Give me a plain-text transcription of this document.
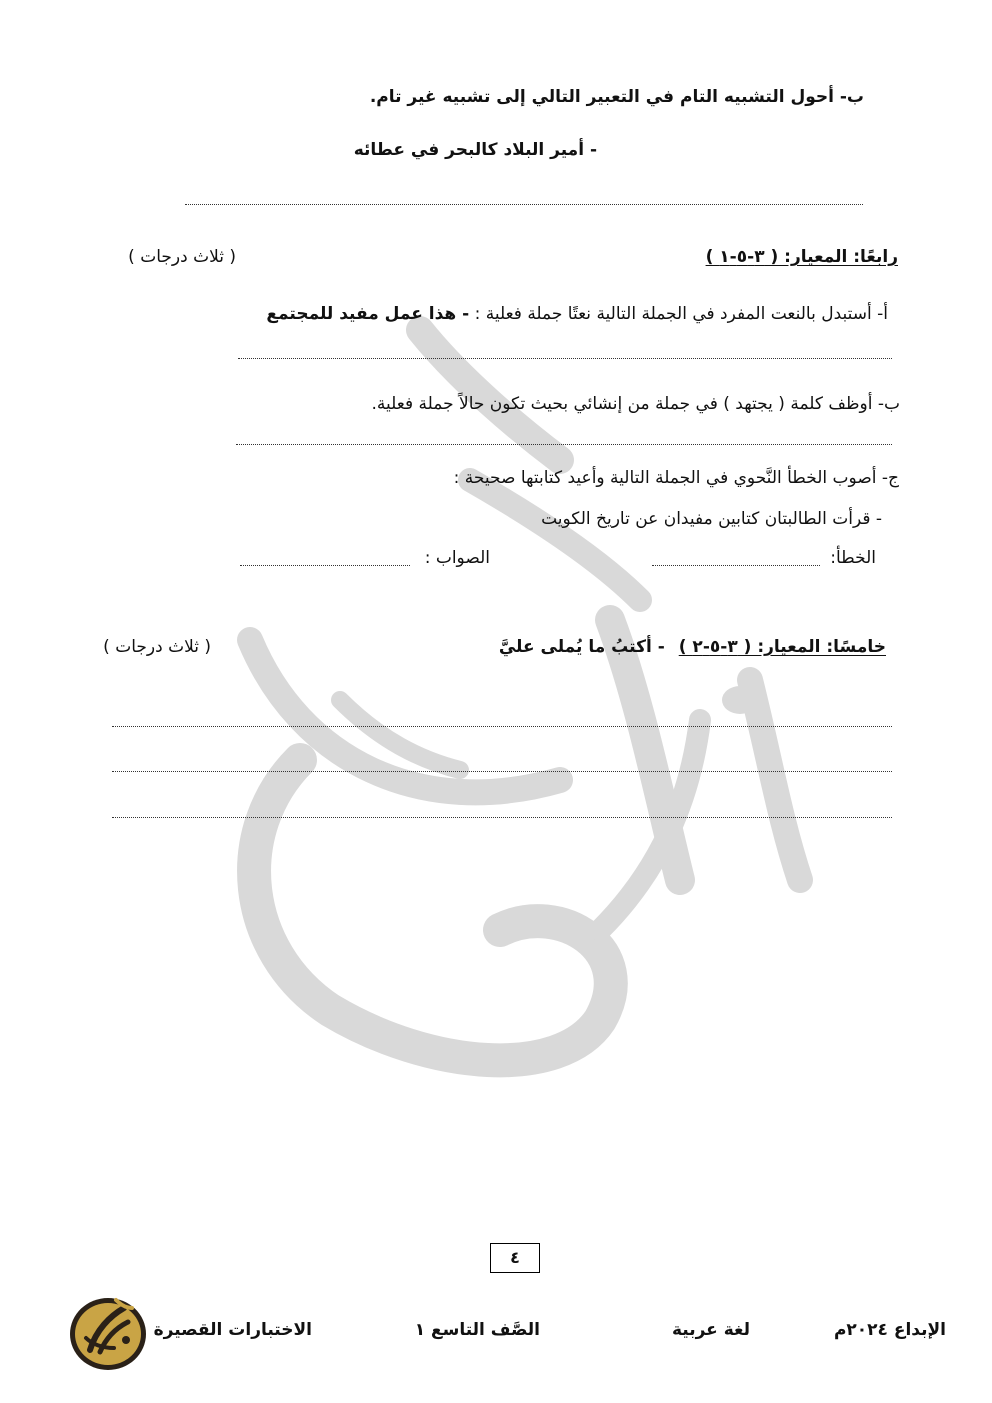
ب- أحول التشبيه التام في التعبير التالي إلى تشبيه غير تام.
- أمير البلاد كالبحر في عطائه
رابعًا: المعيار: ( ٣-٥-١ )
( ثلاث درجات )
أ- أستبدل بالنعت المفرد في الجملة التالية نعتًا جملة فعلية : - هذا عمل مفيد للمجتمع
ب- أوظف كلمة ( يجتهد ) في جملة من إنشائي بحيث تكون حالاً جملة فعلية.
ج- أصوب الخطأ النَّحوي في الجملة التالية وأعيد كتابتها صحيحة :
- قرأت الطالبتان كتابين مفيدان عن تاريخ الكويت
الخطأ:
الصواب :
خامسًا: المعيار: ( ٣-٥-٢ ) - أكتبُ ما يُملى عليَّ
( ثلاث درجات )
٤
الإبداع ٢٠٢٤م
لغة عربية
الصَّف التاسع ١
الاختبارات القصيرة
